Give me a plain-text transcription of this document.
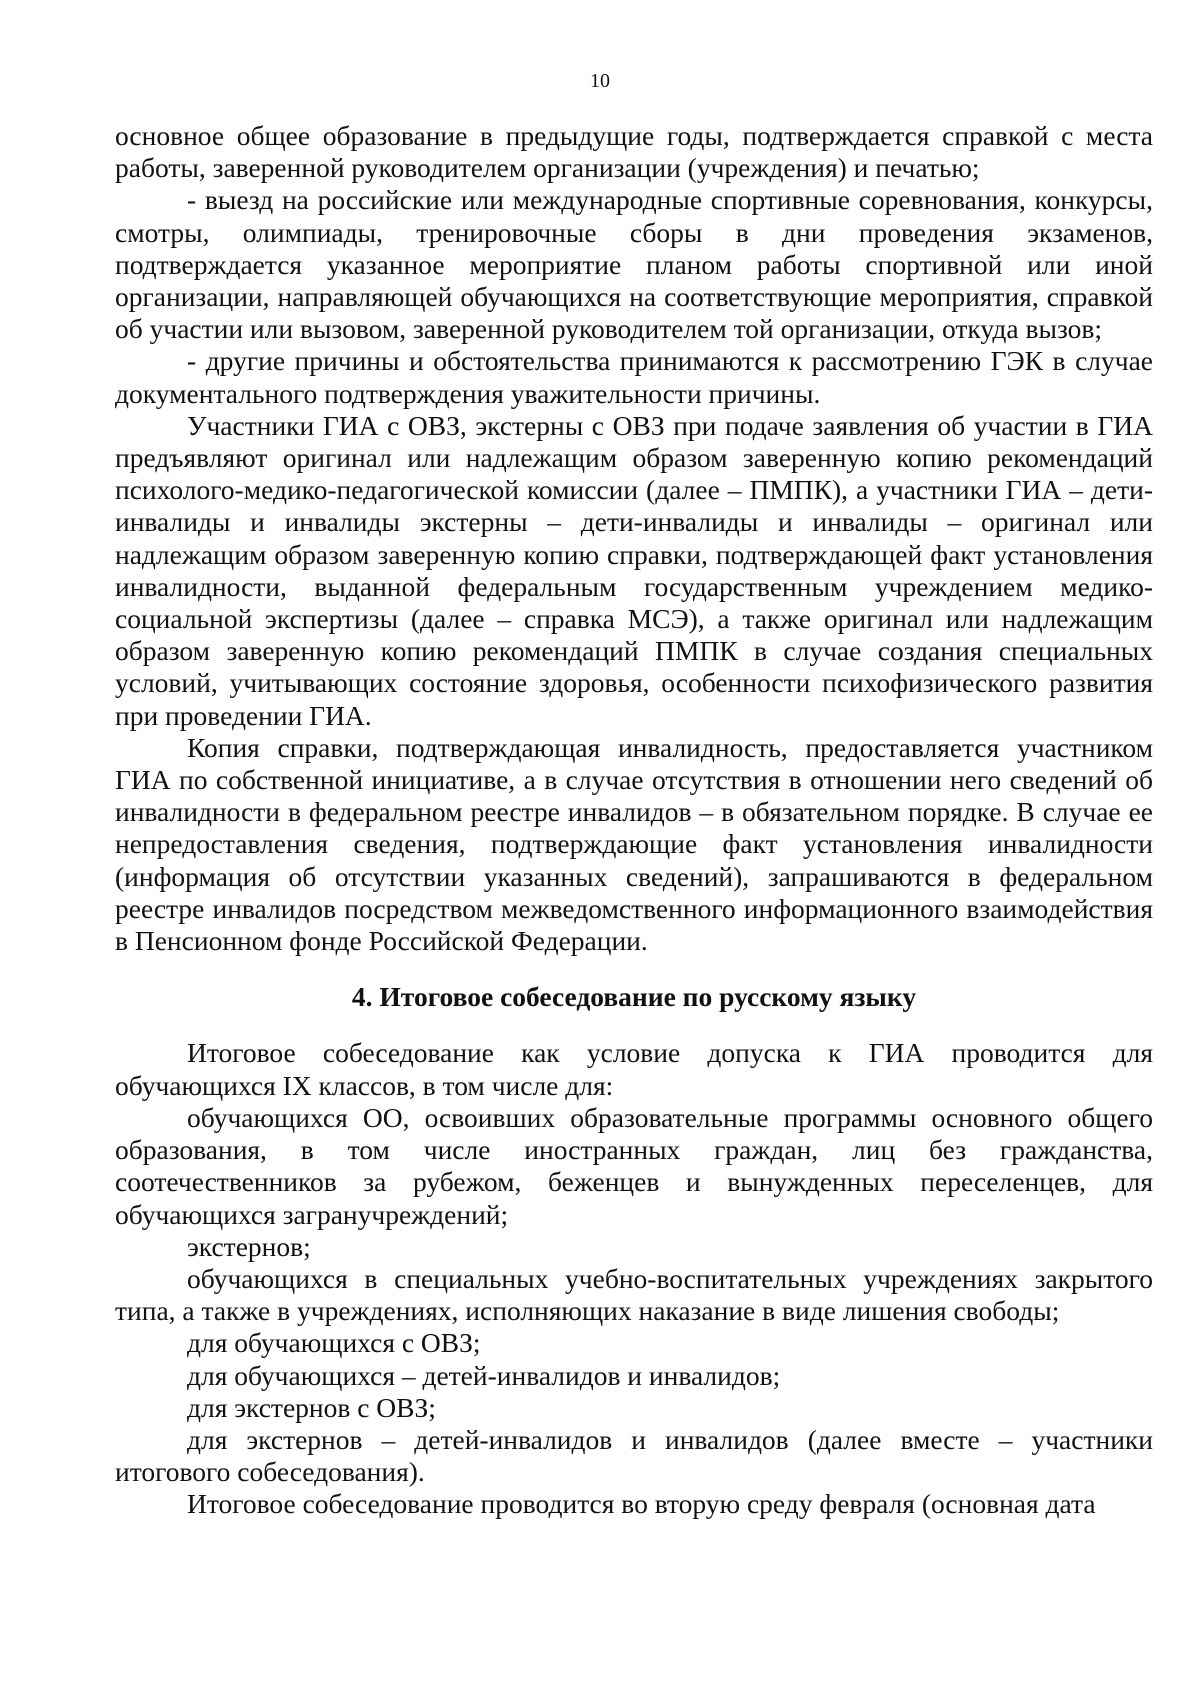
10

основное общее образование в предыдущие годы, подтверждается справкой с места работы, заверенной руководителем организации (учреждения) и печатью;

- выезд на российские или международные спортивные соревнования, конкурсы, смотры, олимпиады, тренировочные сборы в дни проведения экзаменов, подтверждается указанное мероприятие планом работы спортивной или иной организации, направляющей обучающихся на соответствующие мероприятия, справкой об участии или вызовом, заверенной руководителем той организации, откуда вызов;

- другие причины и обстоятельства принимаются к рассмотрению ГЭК в случае документального подтверждения уважительности причины.

Участники ГИА с ОВЗ, экстерны с ОВЗ при подаче заявления об участии в ГИА предъявляют оригинал или надлежащим образом заверенную копию рекомендаций психолого-медико-педагогической комиссии (далее – ПМПК), а участники ГИА – дети-инвалиды и инвалиды экстерны – дети-инвалиды и инвалиды – оригинал или надлежащим образом заверенную копию справки, подтверждающей факт установления инвалидности, выданной федеральным государственным учреждением медико-социальной экспертизы (далее – справка МСЭ), а также оригинал или надлежащим образом заверенную копию рекомендаций ПМПК в случае создания специальных условий, учитывающих состояние здоровья, особенности психофизического развития при проведении ГИА.

Копия справки, подтверждающая инвалидность, предоставляется участником ГИА по собственной инициативе, а в случае отсутствия в отношении него сведений об инвалидности в федеральном реестре инвалидов – в обязательном порядке. В случае ее непредоставления сведения, подтверждающие факт установления инвалидности (информация об отсутствии указанных сведений), запрашиваются в федеральном реестре инвалидов посредством межведомственного информационного взаимодействия в Пенсионном фонде Российской Федерации.

4. Итоговое собеседование по русскому языку

Итоговое собеседование как условие допуска к ГИА проводится для обучающихся IX классов, в том числе для:

обучающихся ОО, освоивших образовательные программы основного общего образования, в том числе иностранных граждан, лиц без гражданства, соотечественников за рубежом, беженцев и вынужденных переселенцев, для обучающихся загранучреждений;

экстернов;

обучающихся в специальных учебно-воспитательных учреждениях закрытого типа, а также в учреждениях, исполняющих наказание в виде лишения свободы;

для обучающихся с ОВЗ;

для обучающихся – детей-инвалидов и инвалидов;

для экстернов с ОВЗ;

для экстернов – детей-инвалидов и инвалидов (далее вместе – участники итогового собеседования).

Итоговое собеседование проводится во вторую среду февраля (основная дата
